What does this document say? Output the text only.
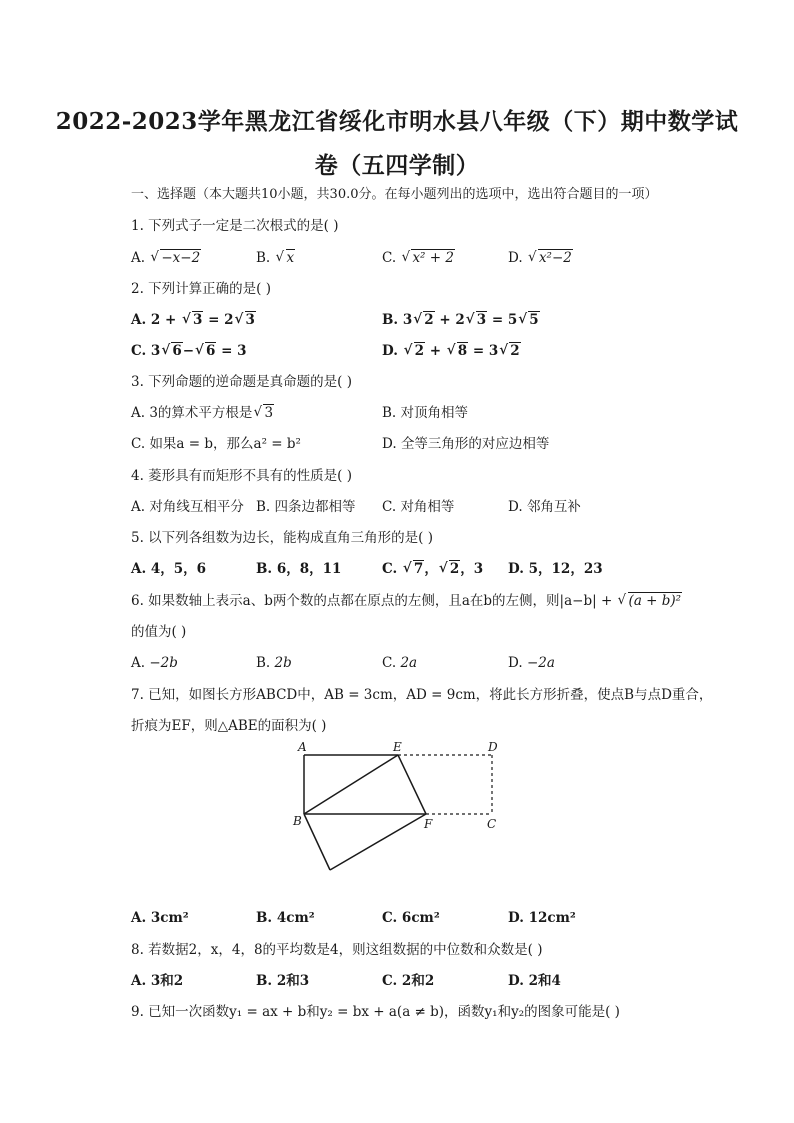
2022-2023学年黑龙江省绥化市明水县八年级（下）期中数学试
卷（五四学制）
一、选择题（本大题共10小题，共30.0分。在每小题列出的选项中，选出符合题目的一项）
1. 下列式子一定是二次根式的是( )
A. √ −x−2	B. √ x	C. √ x² + 2	D. √ x²−2
2. 下列计算正确的是( )
A. 2 + √ 3 = 2 √ 3	B. 3 √ 2 + 2 √ 3 = 5 √ 5
C. 3 √ 6− √ 6 = 3	D. √ 2 + √ 8 = 3 √ 2
3. 下列命题的逆命题是真命题的是( )
A. 3的算术平方根是 √ 3	B. 对顶角相等
C. 如果a = b，那么a² = b²	D. 全等三角形的对应边相等
4. 菱形具有而矩形不具有的性质是( )
A. 对角线互相平分 B. 四条边都相等 C. 对角相等	D. 邻角互补
5. 以下列各组数为边长，能构成直角三角形的是( )
A. 4，5，6	B. 6，8，11	C. √ 7， √ 2，3 D. 5，12，23
6. 如果数轴上表示a、b两个数的点都在原点的左侧，且a在b的左侧，则|a−b| + √ (a + b)²
的值为( )
A. −2b	B. 2b	C. 2a	D. −2a
7. 已知，如图长方形ABCD中，AB = 3cm，AD = 9cm，将此长方形折叠，使点B与点D重合，
折痕为EF，则△ABE的面积为( )
A	E	D
B	F	C
A. 3cm²	B. 4cm²	C. 6cm²	D. 12cm²
8. 若数据2，x，4，8的平均数是4，则这组数据的中位数和众数是( )
A. 3和2	B. 2和3	C. 2和2	D. 2和4
9. 已知一次函数y₁ = ax + b和y₂ = bx + a(a ≠ b)，函数y₁和y₂的图象可能是( )
